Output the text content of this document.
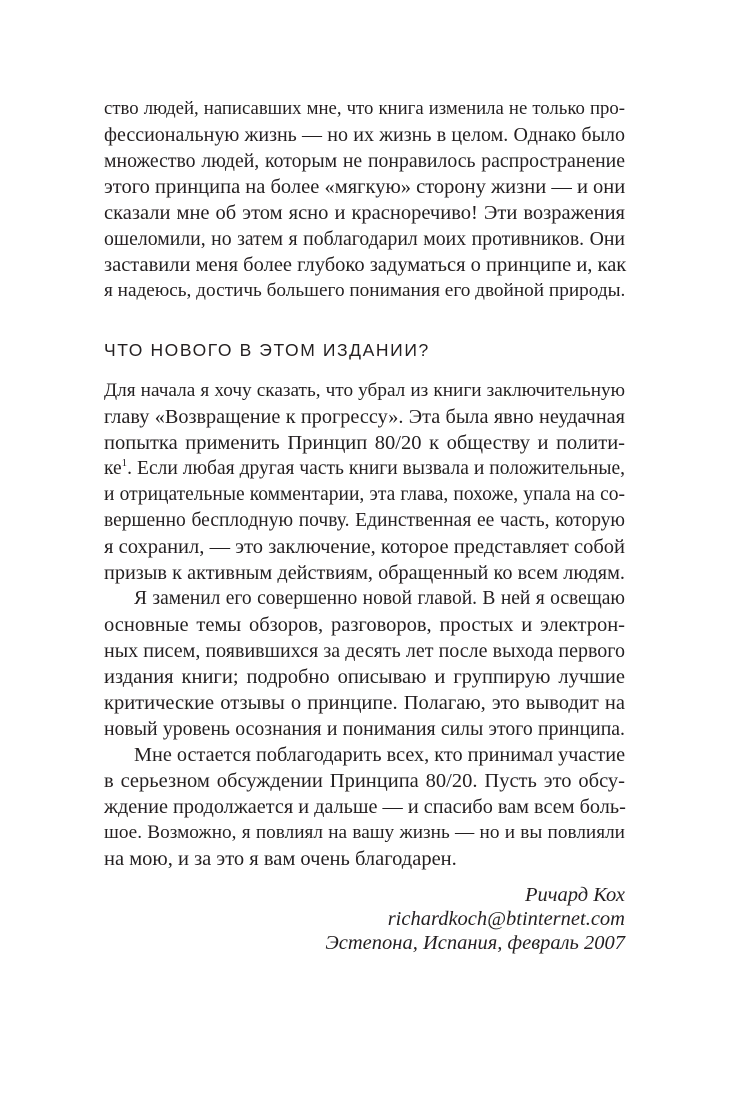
ство людей, написавших мне, что книга изменила не только про-
фессиональную жизнь — но их жизнь в целом. Однако было
множество людей, которым не понравилось распространение
этого принципа на более «мягкую» сторону жизни — и они
сказали мне об этом ясно и красноречиво! Эти возражения
ошеломили, но затем я поблагодарил моих противников. Они
заставили меня более глубоко задуматься о принципе и, как
я надеюсь, достичь большего понимания его двойной природы.
ЧТО НОВОГО В ЭТОМ ИЗДАНИИ?
Для начала я хочу сказать, что убрал из книги заключительную
главу «Возвращение к прогрессу». Эта была явно неудачная
попытка применить Принцип 80/20 к обществу и полити-
$ке^1$. Если любая другая часть книги вызвала и положительные,
и отрицательные комментарии, эта глава, похоже, упала на со-
вершенно бесплодную почву. Единственная ее часть, которую
я сохранил, — это заключение, которое представляет собой
призыв к активным действиям, обращенный ко всем людям.
Я заменил его совершенно новой главой. В ней я освещаю
основные темы обзоров, разговоров, простых и электрон-
ных писем, появившихся за десять лет после выхода первого
издания книги; подробно описываю и группирую лучшие
критические отзывы о принципе. Полагаю, это выводит на
новый уровень осознания и понимания силы этого принципа.
Мне остается поблагодарить всех, кто принимал участие
в серьезном обсуждении Принципа 80/20. Пусть это обсу-
ждение продолжается и дальше — и спасибо вам всем боль-
шое. Возможно, я повлиял на вашу жизнь — но и вы повлияли
на мою, и за это я вам очень благодарен.
Ричард Кох
richardkoch@btinternet.com
Эстепона, Испания, февраль 2007
